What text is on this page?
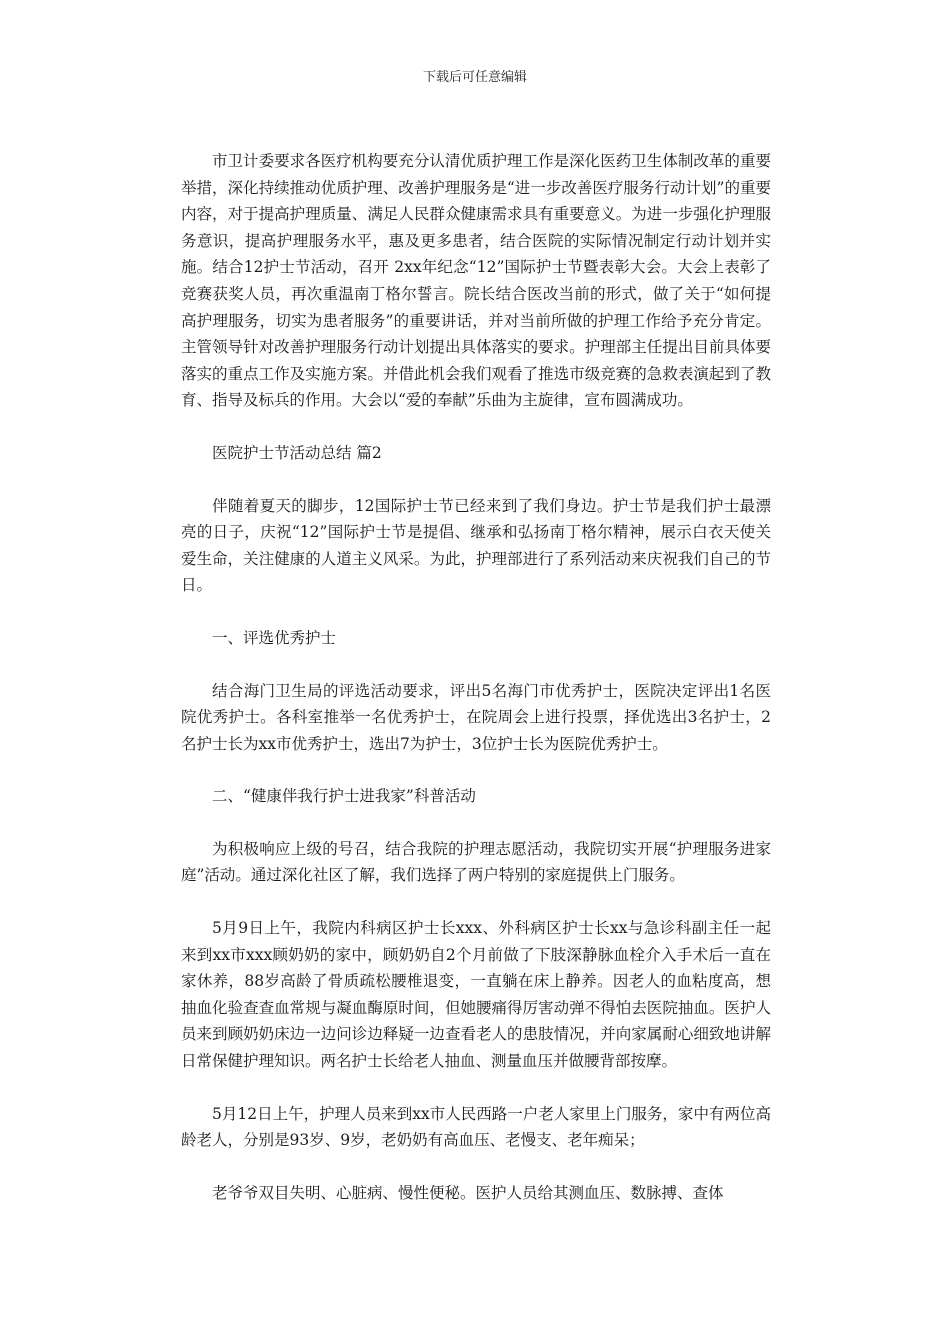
下载后可任意编辑

市卫计委要求各医疗机构要充分认清优质护理工作是深化医药卫生体制改革的重要举措，深化持续推动优质护理、改善护理服务是“进一步改善医疗服务行动计划”的重要内容，对于提高护理质量、满足人民群众健康需求具有重要意义。为进一步强化护理服务意识，提高护理服务水平，惠及更多患者，结合医院的实际情况制定行动计划并实施。结合12护士节活动，召开 2xx年纪念“12”国际护士节暨表彰大会。大会上表彰了竞赛获奖人员，再次重温南丁格尔誓言。院长结合医改当前的形式，做了关于“如何提高护理服务，切实为患者服务”的重要讲话，并对当前所做的护理工作给予充分肯定。主管领导针对改善护理服务行动计划提出具体落实的要求。护理部主任提出目前具体要落实的重点工作及实施方案。并借此机会我们观看了推选市级竞赛的急救表演起到了教育、指导及标兵的作用。大会以“爱的奉献”乐曲为主旋律，宣布圆满成功。

医院护士节活动总结 篇2

伴随着夏天的脚步，12国际护士节已经来到了我们身边。护士节是我们护士最漂亮的日子，庆祝“12”国际护士节是提倡、继承和弘扬南丁格尔精神，展示白衣天使关爱生命，关注健康的人道主义风采。为此，护理部进行了系列活动来庆祝我们自己的节日。

一、评选优秀护士

结合海门卫生局的评选活动要求，评出5名海门市优秀护士，医院决定评出1名医院优秀护士。各科室推举一名优秀护士，在院周会上进行投票，择优选出3名护士，2名护士长为xx市优秀护士，选出7为护士，3位护士长为医院优秀护士。

二、“健康伴我行护士进我家”科普活动

为积极响应上级的号召，结合我院的护理志愿活动，我院切实开展“护理服务进家庭”活动。通过深化社区了解，我们选择了两户特别的家庭提供上门服务。

5月9日上午，我院内科病区护士长xxx、外科病区护士长xx与急诊科副主任一起来到xx市xxx顾奶奶的家中，顾奶奶自2个月前做了下肢深静脉血栓介入手术后一直在家休养，88岁高龄了骨质疏松腰椎退变，一直躺在床上静养。因老人的血粘度高，想抽血化验查查血常规与凝血酶原时间，但她腰痛得厉害动弹不得怕去医院抽血。医护人员来到顾奶奶床边一边问诊边释疑一边查看老人的患肢情况，并向家属耐心细致地讲解日常保健护理知识。两名护士长给老人抽血、测量血压并做腰背部按摩。

5月12日上午，护理人员来到xx市人民西路一户老人家里上门服务，家中有两位高龄老人，分别是93岁、9岁，老奶奶有高血压、老慢支、老年痴呆；

老爷爷双目失明、心脏病、慢性便秘。医护人员给其测血压、数脉搏、查体
